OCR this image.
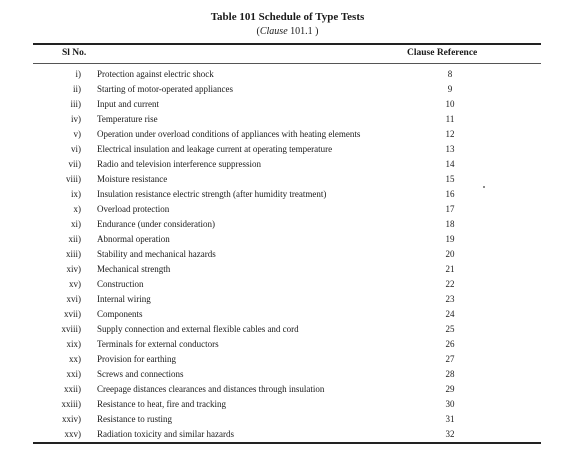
Table 101 Schedule of Type Tests
(Clause 101.1 )
Sl No.	Clause Reference
i) Protection against electric shock	8
ii) Starting of motor-operated appliances	9
iii) Input and current	10
iv) Temperature rise	11
v) Operation under overload conditions of appliances with heating elements	12
vi) Electrical insulation and leakage current at operating temperature	13
vii) Radio and television interference suppression	14
viii) Moisture resistance	15
ix) Insulation resistance electric strength (after humidity treatment)	16
x) Overload protection	17
xi) Endurance (under consideration)	18
xii) Abnormal operation	19
xiii) Stability and mechanical hazards	20
xiv) Mechanical strength	21
xv) Construction	22
xvi) Internal wiring	23
xvii) Components	24
xviii) Supply connection and external flexible cables and cord	25
xix) Terminals for external conductors	26
xx) Provision for earthing	27
xxi) Screws and connections	28
xxii) Creepage distances clearances and distances through insulation	29
xxiii) Resistance to heat, fire and tracking	30
xxiv) Resistance to rusting	31
xxv) Radiation toxicity and similar hazards	32
